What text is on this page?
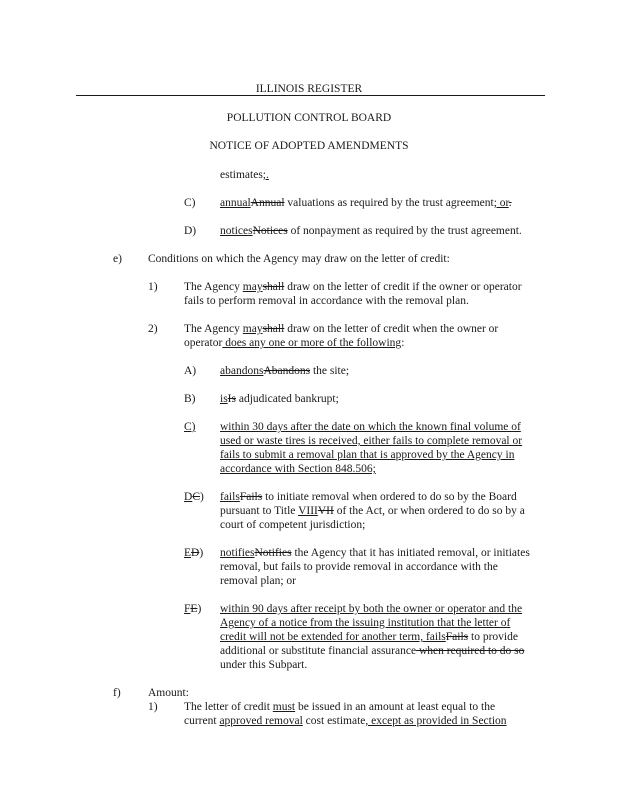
ILLINOIS REGISTER
POLLUTION CONTROL BOARD
NOTICE OF ADOPTED AMENDMENTS
estimates;.
C) annualAnnual valuations as required by the trust agreement; or.
D) noticesNotices of nonpayment as required by the trust agreement.
e) Conditions on which the Agency may draw on the letter of credit:
1) The Agency mayshall draw on the letter of credit if the owner or operator
fails to perform removal in accordance with the removal plan.
2) The Agency mayshall draw on the letter of credit when the owner or
operator does any one or more of the following:
A) abandonsAbandons the site;
B) isIs adjudicated bankrupt;
C) within 30 days after the date on which the known final volume of
used or waste tires is received, either fails to complete removal or
fails to submit a removal plan that is approved by the Agency in
accordance with Section 848.506;
DC) failsFails to initiate removal when ordered to do so by the Board
pursuant to Title VIIIVII of the Act, or when ordered to do so by a
court of competent jurisdiction;
ED) notifiesNotifies the Agency that it has initiated removal, or initiates
removal, but fails to provide removal in accordance with the
removal plan; or
FE) within 90 days after receipt by both the owner or operator and the
Agency of a notice from the issuing institution that the letter of
credit will not be extended for another term, failsFails to provide
additional or substitute financial assurance when required to do so
under this Subpart.
f) Amount:
1) The letter of credit must be issued in an amount at least equal to the
current approved removal cost estimate, except as provided in Section
